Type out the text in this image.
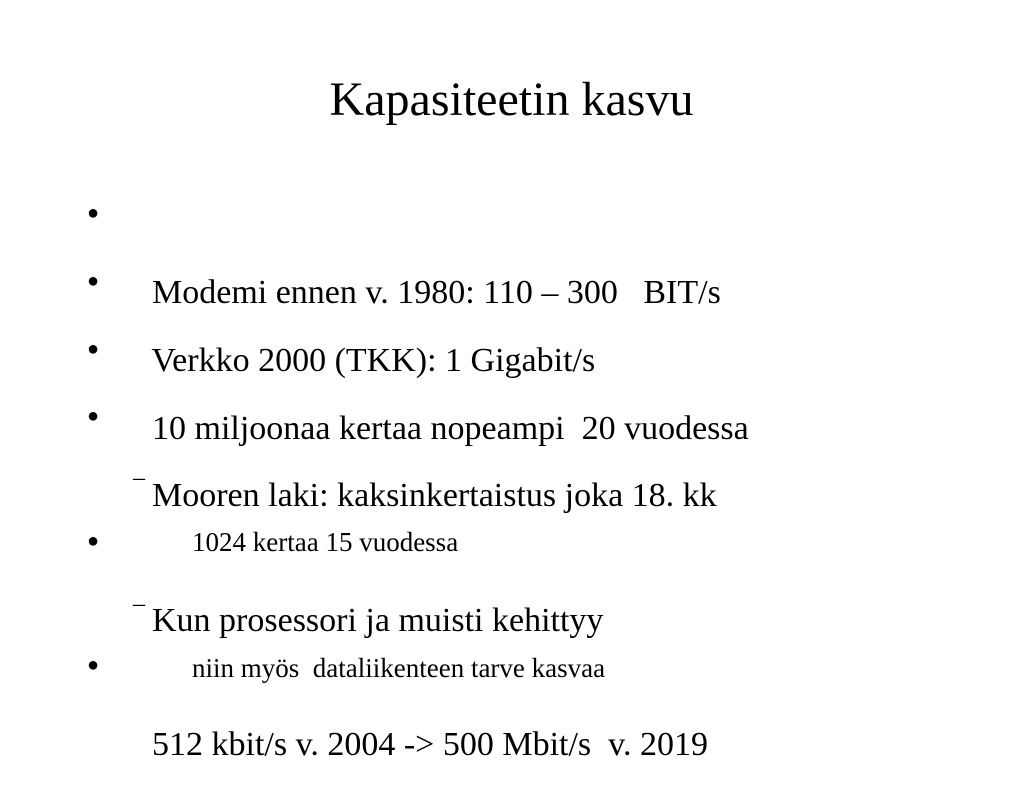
Kapasiteetin kasvu

●

Modemi ennen v. 1980: 110 – 300   BIT/s

●

Verkko 2000 (TKK): 1 Gigabit/s

●

10 miljoonaa kertaa nopeampi  20 vuodessa

●

Mooren laki: kaksinkertaistus joka 18. kk

–

1024 kertaa 15 vuodessa

●

Kun prosessori ja muisti kehittyy

–

niin myös  dataliikenteen tarve kasvaa

●

512 kbit/s v. 2004 -> 500 Mbit/s  v. 2019
